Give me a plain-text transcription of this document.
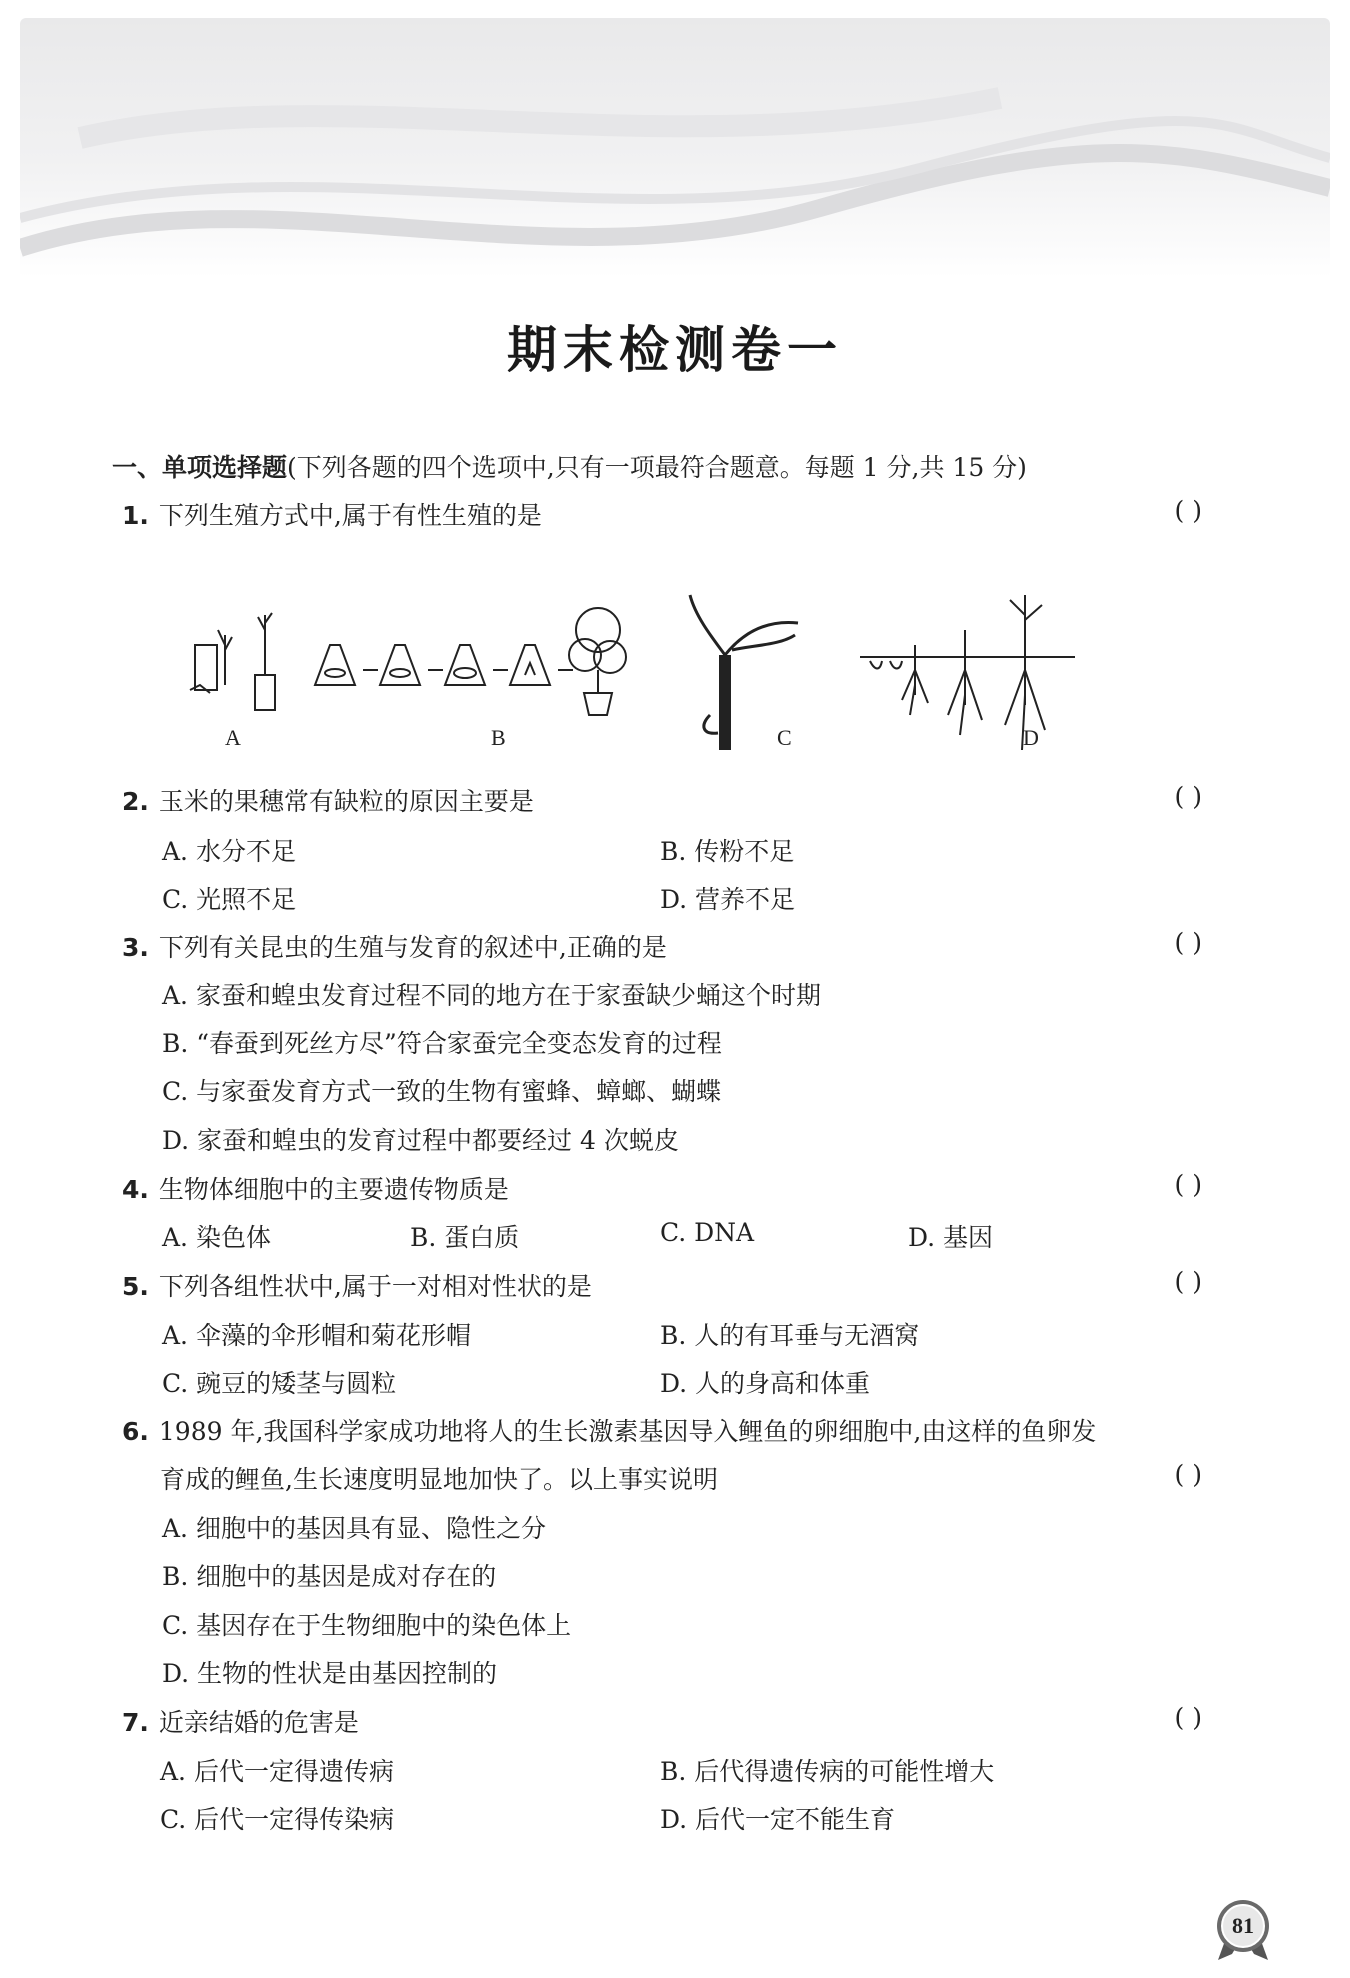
期末检测卷一
一、单项选择题(下列各题的四个选项中,只有一项最符合题意。每题 1 分,共 15 分)
1. 下列生殖方式中,属于有性生殖的是	( )
A	B	C	D
2. 玉米的果穗常有缺粒的原因主要是	( )
A. 水分不足	B. 传粉不足
C. 光照不足	D. 营养不足
3. 下列有关昆虫的生殖与发育的叙述中,正确的是	( )
A. 家蚕和蝗虫发育过程不同的地方在于家蚕缺少蛹这个时期
B. “春蚕到死丝方尽”符合家蚕完全变态发育的过程
C. 与家蚕发育方式一致的生物有蜜蜂、蟑螂、蝴蝶
D. 家蚕和蝗虫的发育过程中都要经过 4 次蜕皮
4. 生物体细胞中的主要遗传物质是	( )
A. 染色体	B. 蛋白质	C. DNA	D. 基因
5. 下列各组性状中,属于一对相对性状的是	( )
A. 伞藻的伞形帽和菊花形帽	B. 人的有耳垂与无酒窝
C. 豌豆的矮茎与圆粒	D. 人的身高和体重
6. 1989 年,我国科学家成功地将人的生长激素基因导入鲤鱼的卵细胞中,由这样的鱼卵发
育成的鲤鱼,生长速度明显地加快了。以上事实说明	( )
A. 细胞中的基因具有显、隐性之分
B. 细胞中的基因是成对存在的
C. 基因存在于生物细胞中的染色体上
D. 生物的性状是由基因控制的
7. 近亲结婚的危害是	( )
A. 后代一定得遗传病	B. 后代得遗传病的可能性增大
C. 后代一定得传染病	D. 后代一定不能生育
81
